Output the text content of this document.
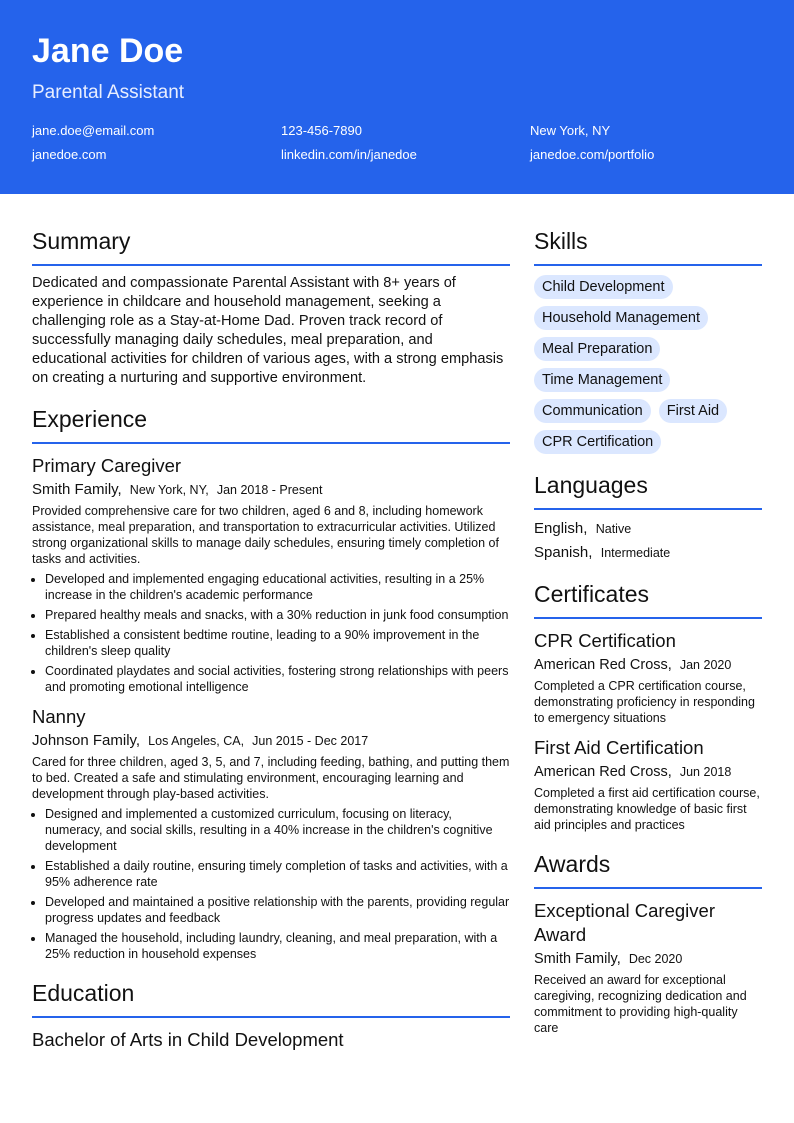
Jane Doe
Parental Assistant
jane.doe@email.com	123-456-7890	New York, NY
janedoe.com	linkedin.com/in/janedoe	janedoe.com/portfolio
Summary
Dedicated and compassionate Parental Assistant with 8+ years of experience in childcare and household management, seeking a challenging role as a Stay-at-Home Dad. Proven track record of successfully managing daily schedules, meal preparation, and educational activities for children of various ages, with a strong emphasis on creating a nurturing and supportive environment.
Experience
Primary Caregiver
Smith Family, New York, NY, Jan 2018 - Present
Provided comprehensive care for two children, aged 6 and 8, including homework assistance, meal preparation, and transportation to extracurricular activities. Utilized strong organizational skills to manage daily schedules, ensuring timely completion of tasks and activities.
• Developed and implemented engaging educational activities, resulting in a 25% increase in the children's academic performance
• Prepared healthy meals and snacks, with a 30% reduction in junk food consumption
• Established a consistent bedtime routine, leading to a 90% improvement in the children's sleep quality
• Coordinated playdates and social activities, fostering strong relationships with peers and promoting emotional intelligence
Nanny
Johnson Family, Los Angeles, CA, Jun 2015 - Dec 2017
Cared for three children, aged 3, 5, and 7, including feeding, bathing, and putting them to bed. Created a safe and stimulating environment, encouraging learning and development through play-based activities.
• Designed and implemented a customized curriculum, focusing on literacy, numeracy, and social skills, resulting in a 40% increase in the children's cognitive development
• Established a daily routine, ensuring timely completion of tasks and activities, with a 95% adherence rate
• Developed and maintained a positive relationship with the parents, providing regular progress updates and feedback
• Managed the household, including laundry, cleaning, and meal preparation, with a 25% reduction in household expenses
Education
Bachelor of Arts in Child Development
Skills
Child Development
Household Management
Meal Preparation
Time Management
Communication	First Aid
CPR Certification
Languages
English, Native
Spanish, Intermediate
Certificates
CPR Certification
American Red Cross, Jan 2020
Completed a CPR certification course, demonstrating proficiency in responding to emergency situations
First Aid Certification
American Red Cross, Jun 2018
Completed a first aid certification course, demonstrating knowledge of basic first aid principles and practices
Awards
Exceptional Caregiver Award
Smith Family, Dec 2020
Received an award for exceptional caregiving, recognizing dedication and commitment to providing high-quality care
